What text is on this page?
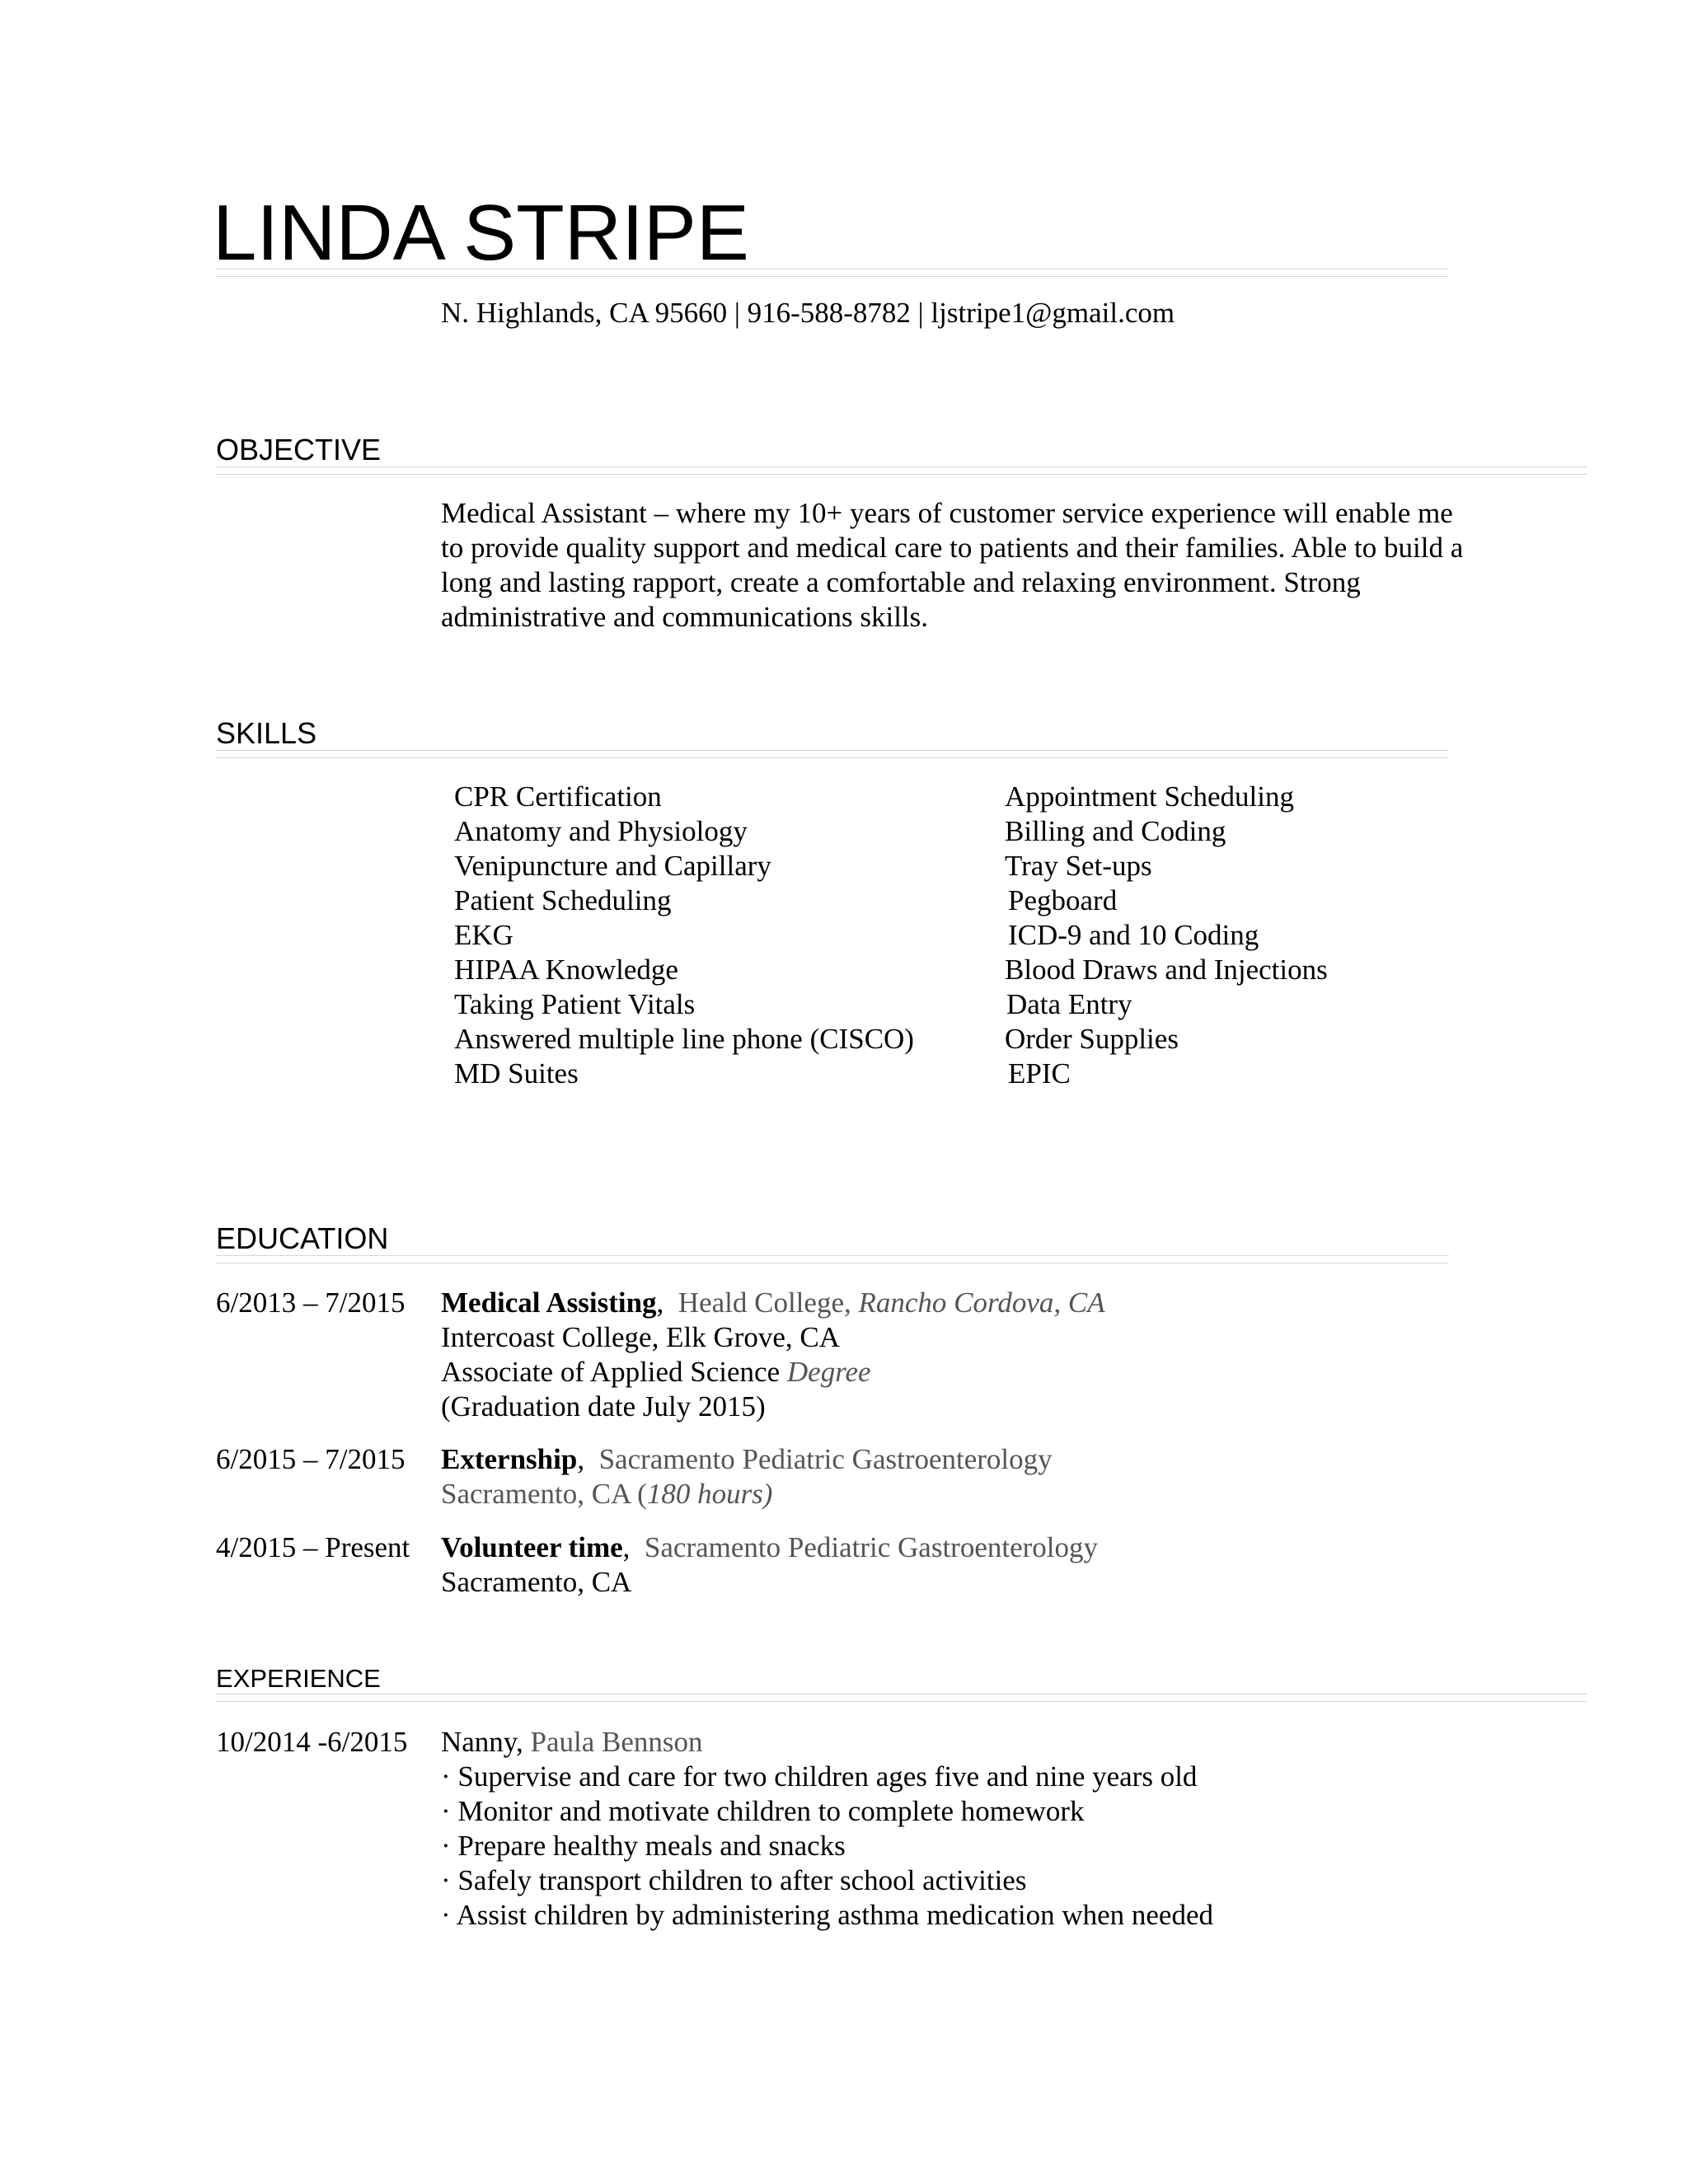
LINDA STRIPE
N. Highlands, CA 95660 | 916-588-8782 | ljstripe1@gmail.com
OBJECTIVE
Medical Assistant – where my 10+ years of customer service experience will enable me
to provide quality support and medical care to patients and their families. Able to build a
long and lasting rapport, create a comfortable and relaxing environment. Strong
administrative and communications skills.
SKILLS
CPR Certification
Anatomy and Physiology
Venipuncture and Capillary
Patient Scheduling
EKG
HIPAA Knowledge
Taking Patient Vitals
Answered multiple line phone (CISCO)
MD Suites
Appointment Scheduling
Billing and Coding
Tray Set-ups
Pegboard
ICD-9 and 10 Coding
Blood Draws and Injections
Data Entry
Order Supplies
EPIC
EDUCATION
6/2013 – 7/2015 Medical Assisting,  Heald College, Rancho Cordova, CA
Intercoast College, Elk Grove, CA
Associate of Applied Science Degree
(Graduation date July 2015)
6/2015 – 7/2015 Externship,  Sacramento Pediatric Gastroenterology
Sacramento, CA (180 hours)
4/2015 – Present Volunteer time,  Sacramento Pediatric Gastroenterology
Sacramento, CA
EXPERIENCE
10/2014 -6/2015 Nanny, Paula Bennson
· Supervise and care for two children ages five and nine years old
· Monitor and motivate children to complete homework
· Prepare healthy meals and snacks
· Safely transport children to after school activities
· Assist children by administering asthma medication when needed
